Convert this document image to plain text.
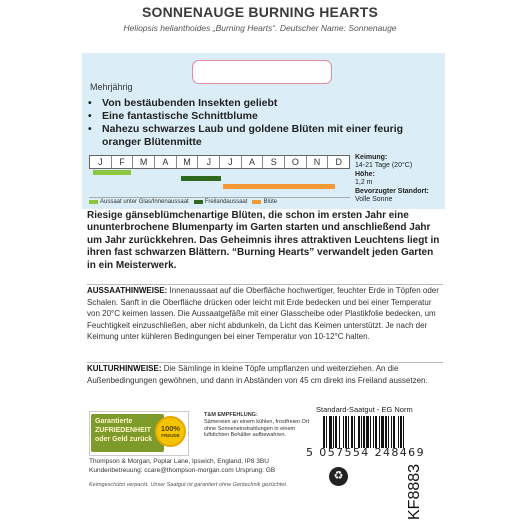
SONNENAUGE BURNING HEARTS
Heliopsis helianthoides „Burning Hearts“. Deutscher Name: Sonnenauge
Mehrjährig
• Von bestäubenden Insekten geliebt
• Eine fantastische Schnittblume
• Nahezu schwarzes Laub und goldene Blüten mit einer feurig oranger Blütenmitte
J	F	M	A	M	J	J	A	S	O	N	D
Aussaat unter Glas/Innenaussaat	Freilandaussaat	Blüte
Keimung:
14-21 Tage (20°C)
Höhe:
1,2 m
Bevorzugter Standort:
Volle Sonne
Riesige gänseblümchenartige Blüten, die schon im ersten Jahr eine ununterbrochene Blumenparty im Garten starten und anschließend Jahr um Jahr zurückkehren. Das Geheimnis ihres attraktiven Leuchtens liegt in ihren fast schwarzen Blättern. “Burning Hearts” verwandelt jeden Garten in ein Meisterwerk.
AUSSAATHINWEISE: Innenaussaat auf die Oberfläche hochwertiger, feuchter Erde in Töpfen oder Schalen. Sanft in die Oberfläche drücken oder leicht mit Erde bedecken und bei einer Temperatur von 20°C keimen lassen. Die Aussaatgefäße mit einer Glasscheibe oder Plastikfolie bedecken, um Feuchtigkeit einzuschließen, aber nicht abdunkeln, da Licht das Keimen unterstützt. Je nach der Keimung unter kühleren Bedingungen bei einer Temperatur von 10-12°C halten.
KULTURHINWEISE: Die Sämlinge in kleine Töpfe umpflanzen und weiterziehen. An die Außenbedingungen gewöhnen, und dann in Abständen von 45 cm direkt ins Freiland aussetzen.
Standard-Saatgut - EG Norm
Garantierte
ZUFRIEDENHEIT
oder Geld zurück
100%
FREUDE
T&M EMPFEHLUNG:
Sämereien an einem kühlen, frostfreien Ort ohne Sonneneinstrahlungen in einem luftdichten Behälter aufbewahren.
5 057554 248469
Thompson & Morgan, Poplar Lane, Ipswich, England, IP8 3BU
Kundenbetreuung: ccare@thompson-morgan.com Ursprung: GB	♻	KF8883
Keimgeschützt verpackt. Unser Saatgut ist garantiert ohne Gentechnik gezüchtet.
